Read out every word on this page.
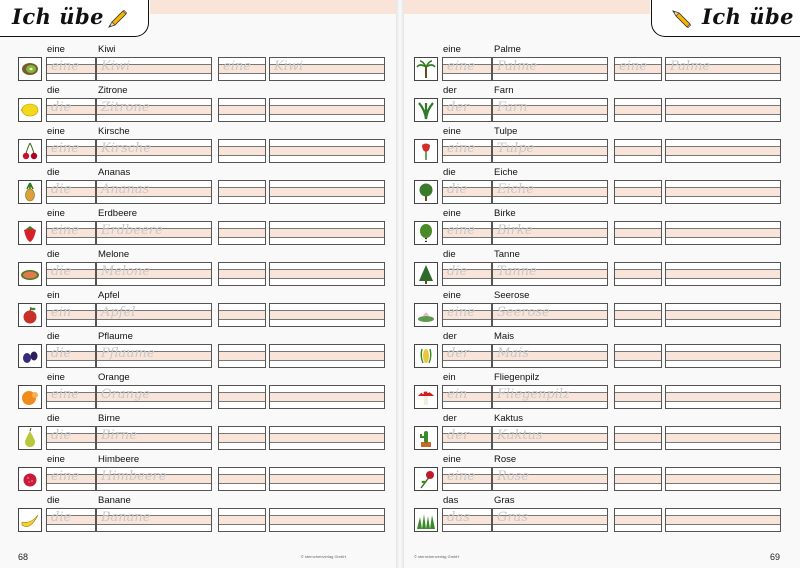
Ich übe
eine	Kiwi
eine Kiwi	eine Kiwi
die	Zitrone
die Zitrone
eine	Kirsche
eine Kirsche
die	Ananas
die Ananas
eine	Erdbeere
eine Erdbeere
die	Melone
die Melone
ein	Apfel
ein Apfel
die	Pflaume
die Pflaume
eine	Orange
eine Orange
die	Birne
die Birne
eine	Himbeere
eine Himbeere
die	Banane
die Banane
© sternchenverlag GmbH
68
Ich übe
© sternchenverlag GmbH	69
eine	Palme
eine Palme	eine Palme
der	Farn
der Farn
eine	Tulpe
eine Tulpe
die	Eiche
die Eiche
eine	Birke
eine Birke
die	Tanne
die Tanne
eine	Seerose
eine Seerose
der	Mais
der Mais
ein	Fliegenpilz
ein Fliegenpilz
der	Kaktus
der Kaktus
eine	Rose
eine Rose
das	Gras
das Gras
